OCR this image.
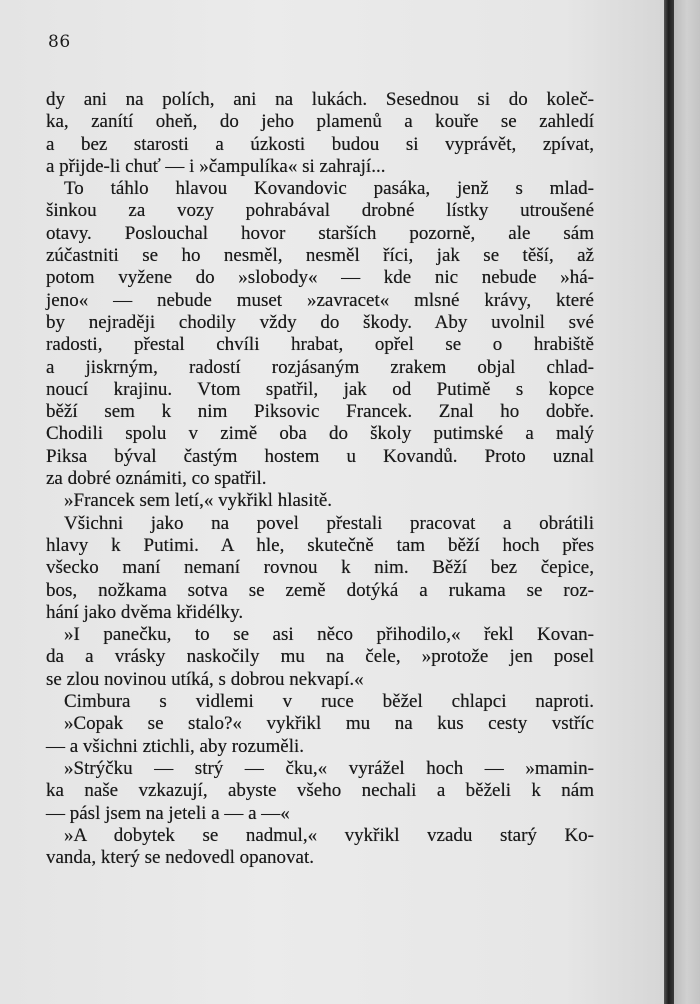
86
dy ani na polích, ani na lukách. Sesednou si do koleč-
ka, zanítí oheň, do jeho plamenů a kouře se zahledí
a bez starosti a úzkosti budou si vyprávět, zpívat,
a přijde-li chuť — i »čampulíka« si zahrají...
To táhlo hlavou Kovandovic pasáka, jenž s mlad-
šinkou za vozy pohrabával drobné lístky utroušené
otavy. Poslouchal hovor starších pozorně, ale sám
zúčastniti se ho nesměl, nesměl říci, jak se těší, až
potom vyžene do »slobody« — kde nic nebude »há-
jeno« — nebude muset »zavracet« mlsné krávy, které
by nejraději chodily vždy do škody. Aby uvolnil své
radosti, přestal chvíli hrabat, opřel se o hrabiště
a jiskrným, radostí rozjásaným zrakem objal chlad-
noucí krajinu. Vtom spatřil, jak od Putimě s kopce
běží sem k nim Piksovic Francek. Znal ho dobře.
Chodili spolu v zimě oba do školy putimské a malý
Piksa býval častým hostem u Kovandů. Proto uznal
za dobré oznámiti, co spatřil.
»Francek sem letí,« vykřikl hlasitě.
Všichni jako na povel přestali pracovat a obrátili
hlavy k Putimi. A hle, skutečně tam běží hoch přes
všecko maní nemaní rovnou k nim. Běží bez čepice,
bos, nožkama sotva se země dotýká a rukama se roz-
hání jako dvěma křidélky.
»I panečku, to se asi něco přihodilo,« řekl Kovan-
da a vrásky naskočily mu na čele, »protože jen posel
se zlou novinou utíká, s dobrou nekvapí.«
Cimbura s vidlemi v ruce běžel chlapci naproti.
»Copak se stalo?« vykřikl mu na kus cesty vstříc
— a všichni ztichli, aby rozuměli.
»Strýčku — strý — čku,« vyrážel hoch — »mamin-
ka naše vzkazují, abyste všeho nechali a běželi k nám
— pásl jsem na jeteli a — a —«
»A dobytek se nadmul,« vykřikl vzadu starý Ko-
vanda, který se nedovedl opanovat.
